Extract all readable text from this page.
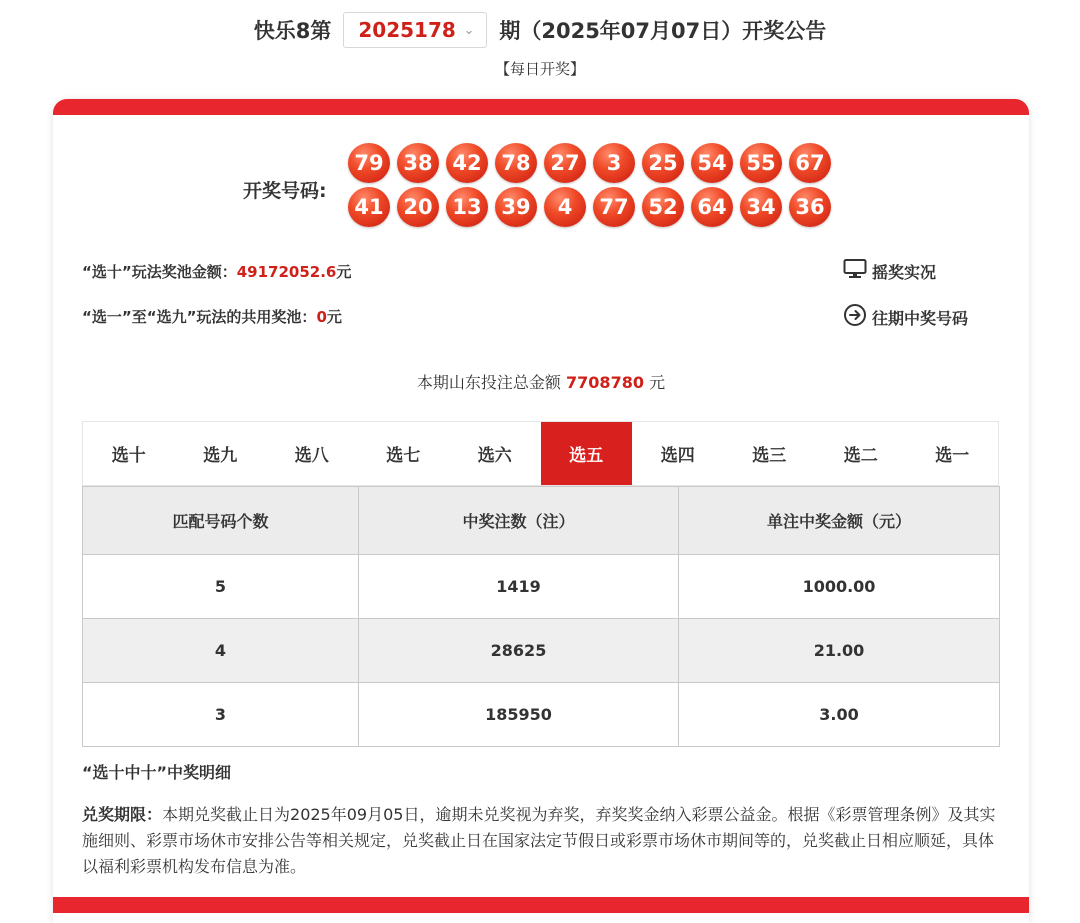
快乐8第 2025178 ⌄ 期（2025年07月07日）开奖公告
【每日开奖】
开奖号码:
79 38 42 78 27	3	25 54 55 67
41 20 13 39	4	77 52 64 34 36
“选十”玩法奖池金额：49172052.6元
“选一”至“选九”玩法的共用奖池：0元
摇奖实况
往期中奖号码
本期山东投注总金额 7708780 元
选十	选九	选八	选七	选六	选五	选四	选三	选二	选一
匹配号码个数	中奖注数（注）	单注中奖金额（元）
5	1419	1000.00
4	28625	21.00
3	185950	3.00
“选十中十”中奖明细
兑奖期限：本期兑奖截止日为2025年09月05日，逾期未兑奖视为弃奖，弃奖奖金纳入彩票公益金。根据《彩票管理条例》及其实施细则、彩票市场休市安排公告等相关规定，兑奖截止日在国家法定节假日或彩票市场休市期间等的，兑奖截止日相应顺延，具体以福利彩票机构发布信息为准。
